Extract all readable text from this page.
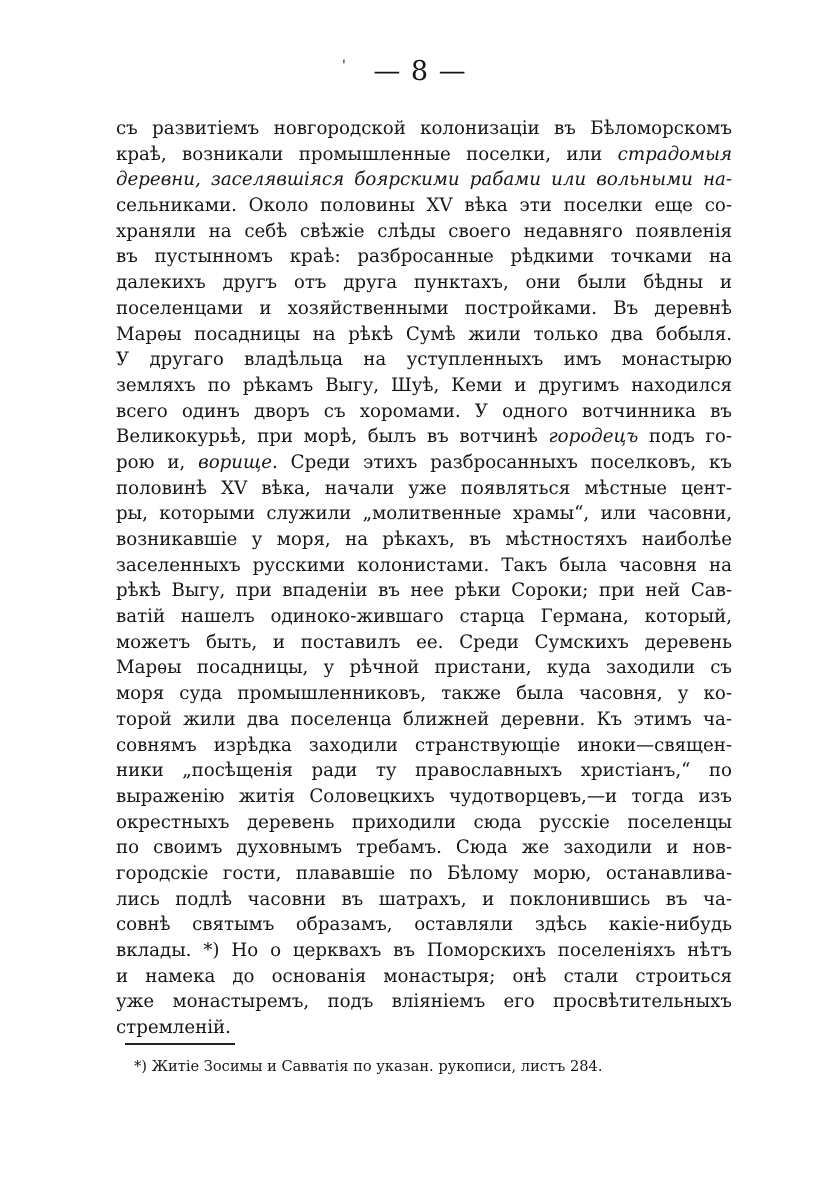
'	— 8 —
съ развитіемъ новгородской колонизаціи въ Бѣломорскомъ
краѣ, возникали промышленные поселки, или страдомыя
деревни, заселявшіяся боярскими рабами или вольными на-
сельниками. Около половины XV вѣка эти поселки еще со-
храняли на себѣ свѣжіе слѣды своего недавняго появленія
въ пустынномъ краѣ: разбросанные рѣдкими точками на
далекихъ другъ отъ друга пунктахъ, они были бѣдны и
поселенцами и хозяйственными постройками. Въ деревнѣ
Марѳы посадницы на рѣкѣ Сумѣ жили только два бобыля.
У другаго владѣльца на уступленныхъ имъ монастырю
земляхъ по рѣкамъ Выгу, Шуѣ, Кеми и другимъ находился
всего одинъ дворъ съ хоромами. У одного вотчинника въ
Великокурьѣ, при морѣ, былъ въ вотчинѣ городецъ подъ го-
рою и, ворище. Среди этихъ разбросанныхъ поселковъ, къ
половинѣ XV вѣка, начали уже появляться мѣстные цент-
ры, которыми служили „молитвенные храмы“, или часовни,
возникавшіе у моря, на рѣкахъ, въ мѣстностяхъ наиболѣе
заселенныхъ русскими колонистами. Такъ была часовня на
рѣкѣ Выгу, при впаденіи въ нее рѣки Сороки; при ней Сав-
ватій нашелъ одиноко-жившаго старца Германа, который,
можетъ быть, и поставилъ ее. Среди Сумскихъ деревень
Марѳы посадницы, у рѣчной пристани, куда заходили съ
моря суда промышленниковъ, также была часовня, у ко-
торой жили два поселенца ближней деревни. Къ этимъ ча-
совнямъ изрѣдка заходили странствующіе иноки—священ-
ники „посѣщенія ради ту православныхъ христіанъ,“ по
выраженію житія Соловецкихъ чудотворцевъ,—и тогда изъ
окрестныхъ деревень приходили сюда русскіе поселенцы
по своимъ духовнымъ требамъ. Сюда же заходили и нов-
городскіе гости, плававшіе по Бѣлому морю, останавлива-
лись подлѣ часовни въ шатрахъ, и поклонившись въ ча-
совнѣ святымъ образамъ, оставляли здѣсь какіе-нибудь
вклады. *) Но о церквахъ въ Поморскихъ поселеніяхъ нѣтъ
и намека до основанія монастыря; онѣ стали строиться
уже монастыремъ, подъ вліяніемъ его просвѣтительныхъ
стремленій.
*) Житіе Зосимы и Савватія по указан. рукописи, листъ 284.
